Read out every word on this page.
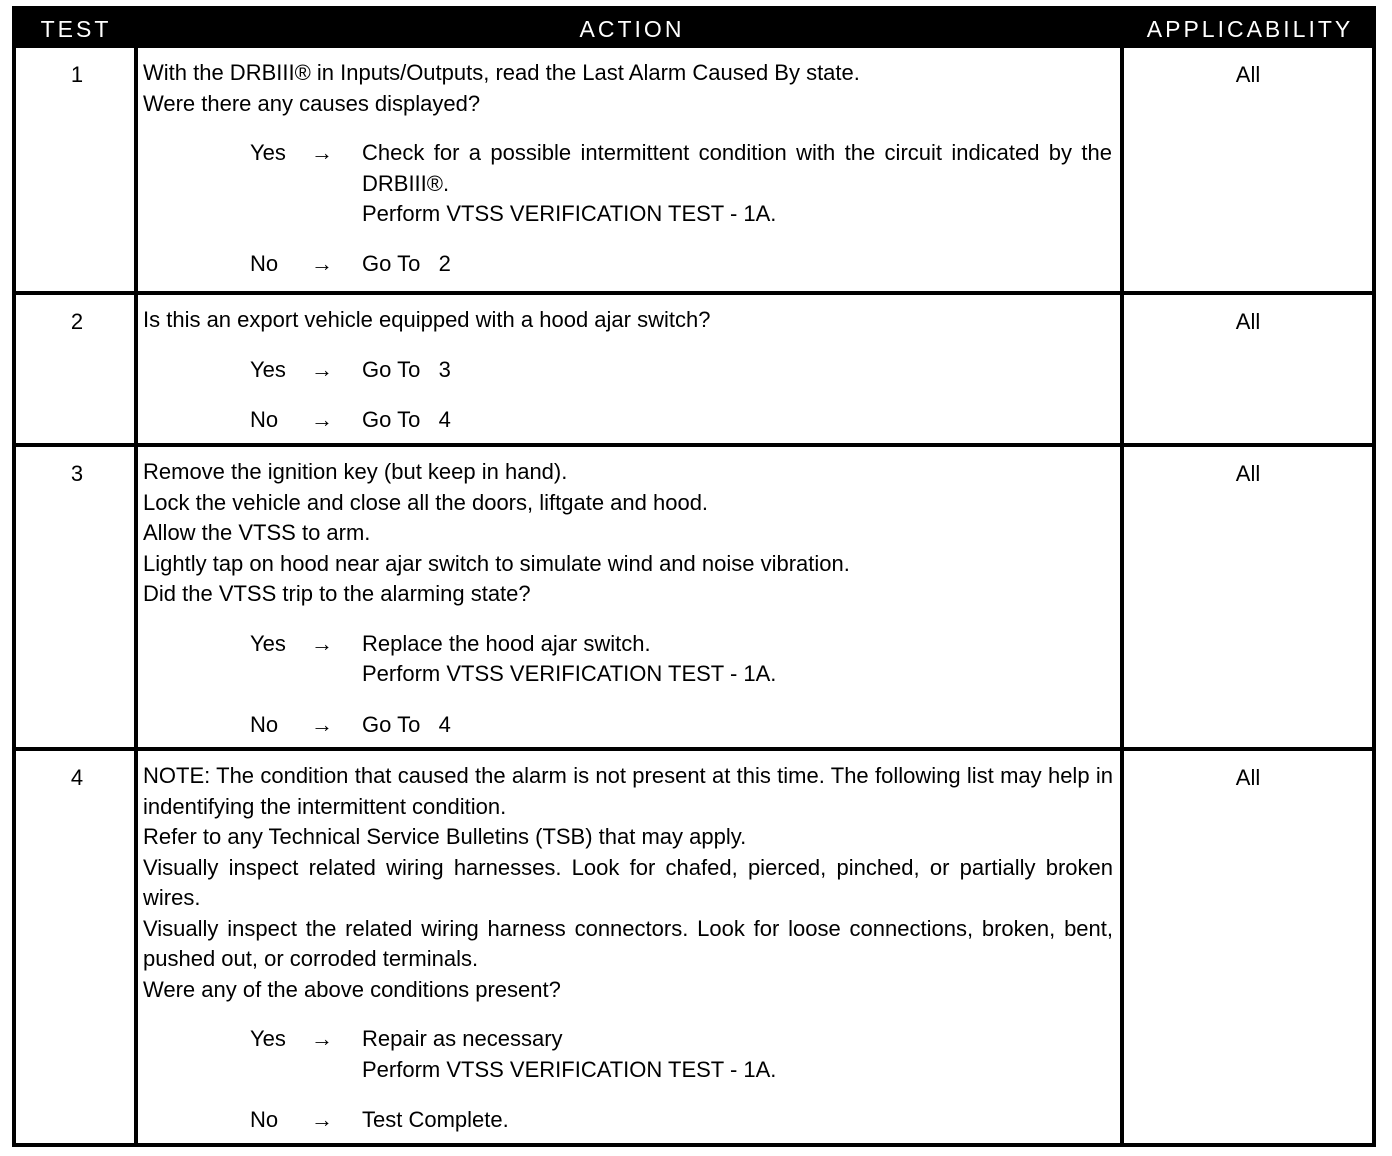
TEST	ACTION	APPLICABILITY
1	With the DRBIII® in Inputs/Outputs, read the Last Alarm Caused By state.

Were there any causes displayed?

Yes → Check for a possible intermittent condition with the circuit indicated by the DRBIII®.

Perform VTSS VERIFICATION TEST - 1A.

No → Go To   2
All
2	Is this an export vehicle equipped with a hood ajar switch?

Yes → Go To   3
No → Go To   4
All
3	Remove the ignition key (but keep in hand).

Lock the vehicle and close all the doors, liftgate and hood.

Allow the VTSS to arm.

Lightly tap on hood near ajar switch to simulate wind and noise vibration.

Did the VTSS trip to the alarming state?

Yes → Replace the hood ajar switch.

Perform VTSS VERIFICATION TEST - 1A.

No → Go To   4
All
4	NOTE: The condition that caused the alarm is not present at this time. The following list may help in indentifying the intermittent condition.

Refer to any Technical Service Bulletins (TSB) that may apply.

Visually inspect related wiring harnesses. Look for chafed, pierced, pinched, or partially broken wires.

Visually inspect the related wiring harness connectors. Look for loose connections, broken, bent, pushed out, or corroded terminals.

Were any of the above conditions present?

Yes → Repair as necessary

Perform VTSS VERIFICATION TEST - 1A.

No → Test Complete.
All
